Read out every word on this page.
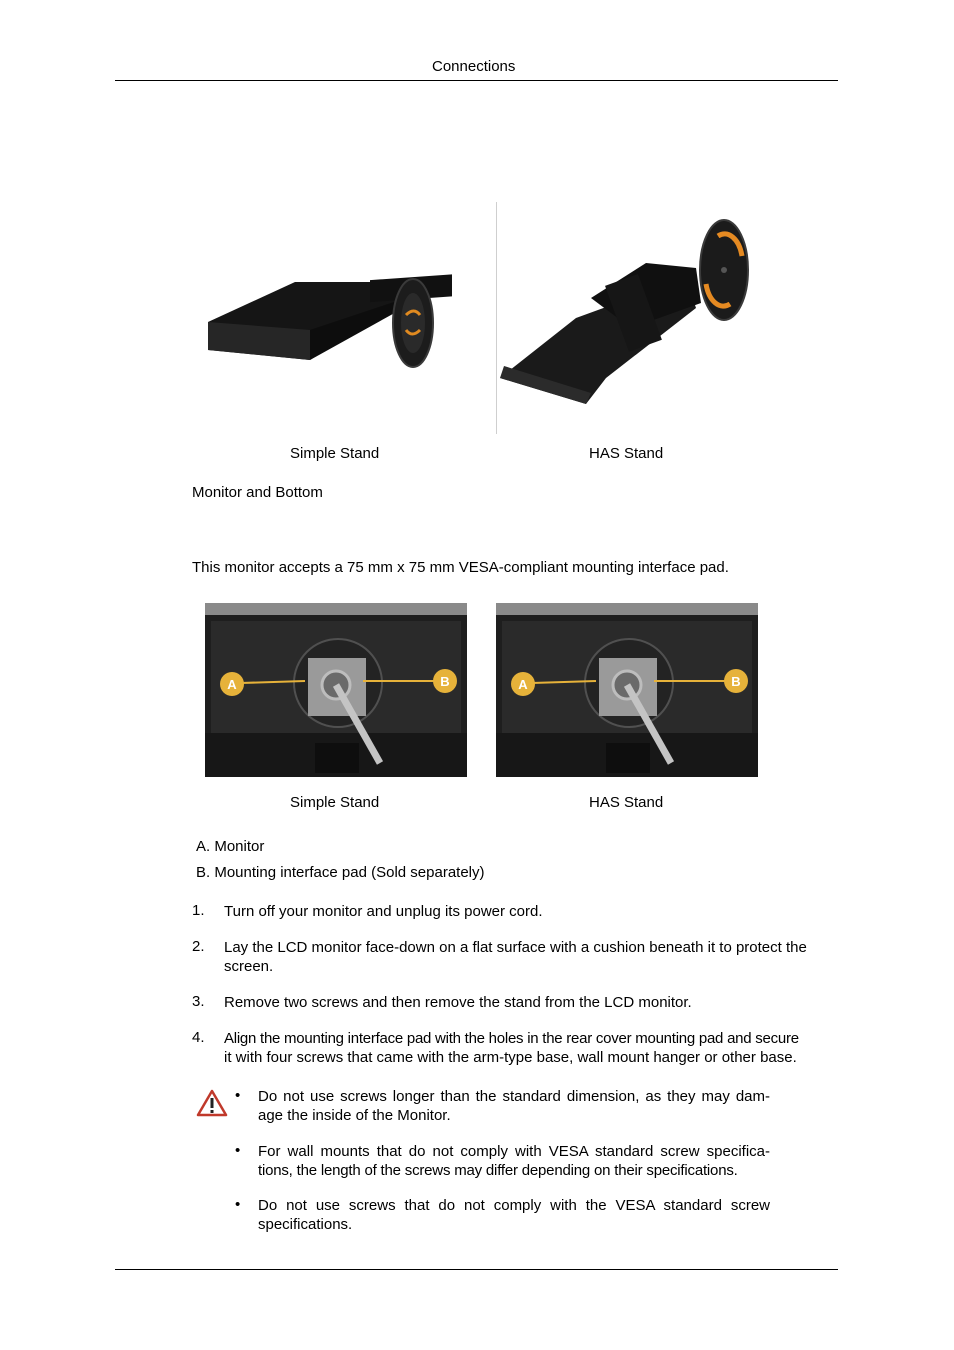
Connections
Simple Stand	HAS Stand
Monitor and Bottom
This monitor accepts a 75 mm x 75 mm VESA-compliant mounting interface pad.
A	B	A	B
Simple Stand	HAS Stand
A. Monitor
B. Mounting interface pad (Sold separately)
1. Turn off your monitor and unplug its power cord.
2. Lay the LCD monitor face-down on a flat surface with a cushion beneath it to protect the
screen.
3. Remove two screws and then remove the stand from the LCD monitor.
4. Align the mounting interface pad with the holes in the rear cover mounting pad and secure
it with four screws that came with the arm-type base, wall mount hanger or other base.
• Do not use screws longer than the standard dimension, as they may dam-
age the inside of the Monitor.
• For wall mounts that do not comply with VESA standard screw specifica-
tions, the length of the screws may differ depending on their specifications.
• Do not use screws that do not comply with the VESA standard screw
specifications.
